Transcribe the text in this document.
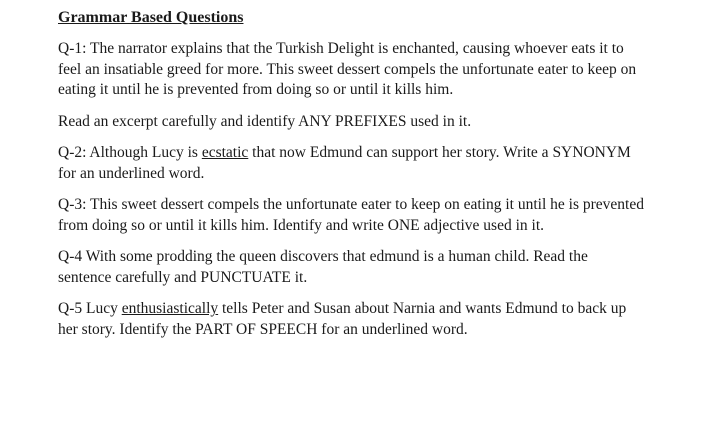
Grammar Based Questions

Q-1: The narrator explains that the Turkish Delight is enchanted, causing whoever eats it to

feel an insatiable greed for more. This sweet dessert compels the unfortunate eater to keep on

eating it until he is prevented from doing so or until it kills him.

Read an excerpt carefully and identify ANY PREFIXES used in it.

Q-2: Although Lucy is ecstatic that now Edmund can support her story. Write a SYNONYM

for an underlined word.

Q-3: This sweet dessert compels the unfortunate eater to keep on eating it until he is prevented

from doing so or until it kills him. Identify and write ONE adjective used in it.

Q-4 With some prodding the queen discovers that edmund is a human child. Read the

sentence carefully and PUNCTUATE it.

Q-5 Lucy enthusiastically tells Peter and Susan about Narnia and wants Edmund to back up

her story. Identify the PART OF SPEECH for an underlined word.
